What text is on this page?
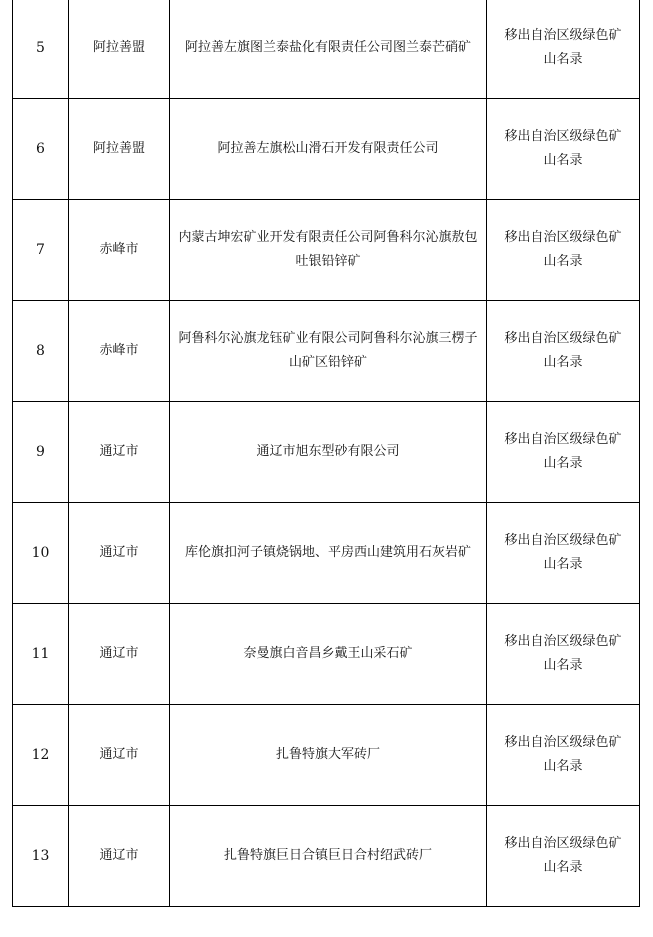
5	阿拉善盟	阿拉善左旗图兰泰盐化有限责任公司图兰泰芒硝矿	移出自治区级绿色矿山名录
6	阿拉善盟	阿拉善左旗松山滑石开发有限责任公司	移出自治区级绿色矿山名录
7	赤峰市	内蒙古坤宏矿业开发有限责任公司阿鲁科尔沁旗敖包吐银铅锌矿	移出自治区级绿色矿山名录
8	赤峰市	阿鲁科尔沁旗龙钰矿业有限公司阿鲁科尔沁旗三楞子山矿区铅锌矿	移出自治区级绿色矿山名录
9	通辽市	通辽市旭东型砂有限公司	移出自治区级绿色矿山名录
10	通辽市	库伦旗扣河子镇烧锅地、平房西山建筑用石灰岩矿	移出自治区级绿色矿山名录
11	通辽市	奈曼旗白音昌乡戴王山采石矿	移出自治区级绿色矿山名录
12	通辽市	扎鲁特旗大军砖厂	移出自治区级绿色矿山名录
13	通辽市	扎鲁特旗巨日合镇巨日合村绍武砖厂	移出自治区级绿色矿山名录
